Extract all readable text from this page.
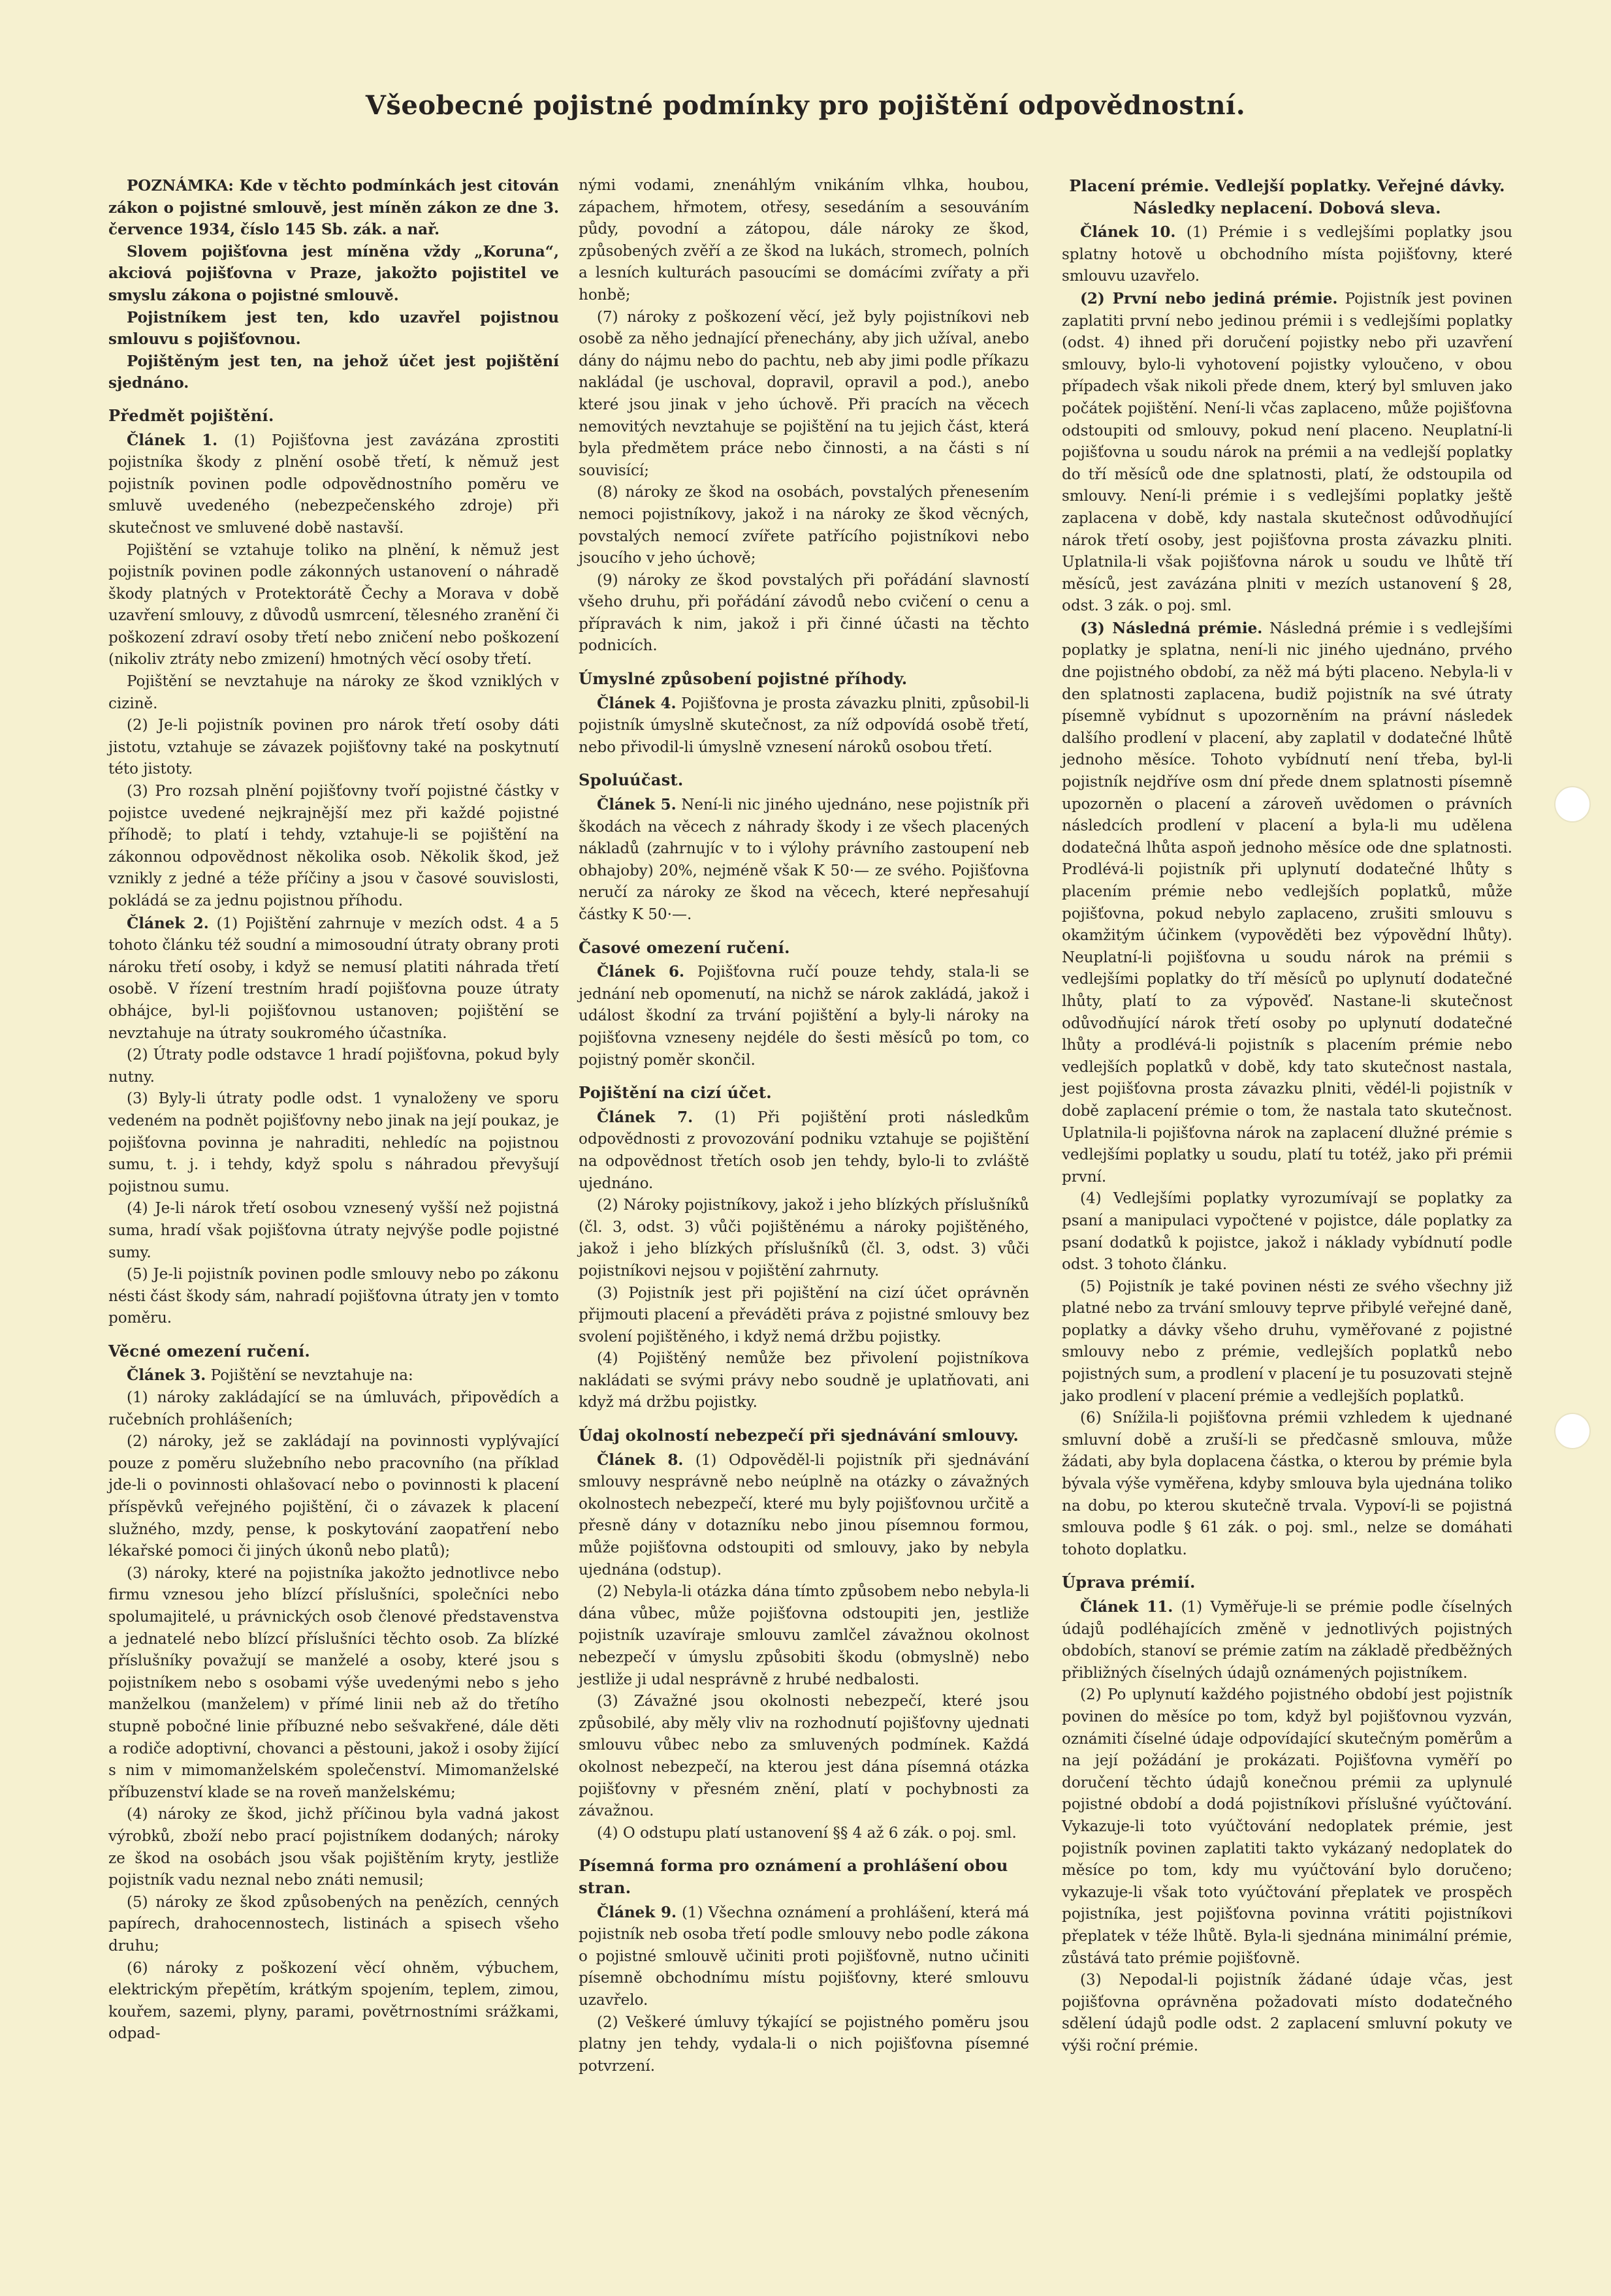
Všeobecné pojistné podmínky pro pojištění odpovědnostní.

POZNÁMKA: Kde v těchto podmínkách jest citován zákon o pojistné smlouvě, jest míněn zákon ze dne 3. července 1934, číslo 145 Sb. zák. a nař.

Slovem pojišťovna jest míněna vždy „Koruna“, akciová pojišťovna v Praze, jakožto pojistitel ve smyslu zákona o pojistné smlouvě.

Pojistníkem jest ten, kdo uzavřel pojistnou smlouvu s pojišťovnou.

Pojištěným jest ten, na jehož účet jest pojištění sjednáno.

Předmět pojištění.

Článek 1. (1) Pojišťovna jest zavázána zprostiti pojistníka škody z plnění osobě třetí, k němuž jest pojistník povinen podle odpovědnostního poměru ve smluvě uvedeného (nebezpečenského zdroje) při skutečnost ve smluvené době nastavší.

Pojištění se vztahuje toliko na plnění, k němuž jest pojistník povinen podle zákonných ustanovení o náhradě škody platných v Protektorátě Čechy a Morava v době uzavření smlouvy, z důvodů usmrcení, tělesného zranění či poškození zdraví osoby třetí nebo zničení nebo poškození (nikoliv ztráty nebo zmizení) hmotných věcí osoby třetí.

Pojištění se nevztahuje na nároky ze škod vzniklých v cizině.

(2) Je-li pojistník povinen pro nárok třetí osoby dáti jistotu, vztahuje se závazek pojišťovny také na poskytnutí této jistoty.

(3) Pro rozsah plnění pojišťovny tvoří pojistné částky v pojistce uvedené nejkrajnější mez při každé pojistné příhodě; to platí i tehdy, vztahuje-li se pojištění na zákonnou odpovědnost několika osob. Několik škod, jež vznikly z jedné a téže příčiny a jsou v časové souvislosti, pokládá se za jednu pojistnou příhodu.

Článek 2. (1) Pojištění zahrnuje v mezích odst. 4 a 5 tohoto článku též soudní a mimosoudní útraty obrany proti nároku třetí osoby, i když se nemusí platiti náhrada třetí osobě. V řízení trestním hradí pojišťovna pouze útraty obhájce, byl-li pojišťovnou ustanoven; pojištění se nevztahuje na útraty soukromého účastníka.

(2) Útraty podle odstavce 1 hradí pojišťovna, pokud byly nutny.

(3) Byly-li útraty podle odst. 1 vynaloženy ve sporu vedeném na podnět pojišťovny nebo jinak na její poukaz, je pojišťovna povinna je nahraditi, nehledíc na pojistnou sumu, t. j. i tehdy, když spolu s náhradou převyšují pojistnou sumu.

(4) Je-li nárok třetí osobou vznesený vyšší než pojistná suma, hradí však pojišťovna útraty nejvýše podle pojistné sumy.

(5) Je-li pojistník povinen podle smlouvy nebo po zákonu nésti část škody sám, nahradí pojišťovna útraty jen v tomto poměru.

Věcné omezení ručení.

Článek 3. Pojištění se nevztahuje na:

(1) nároky zakládající se na úmluvách, připovědích a ručebních prohlášeních;

(2) nároky, jež se zakládají na povinnosti vyplývající pouze z poměru služebního nebo pracovního (na příklad jde-li o povinnosti ohlašovací nebo o povinnosti k placení příspěvků veřejného pojištění, či o závazek k placení služného, mzdy, pense, k poskytování zaopatření nebo lékařské pomoci či jiných úkonů nebo platů);

(3) nároky, které na pojistníka jakožto jednotlivce nebo firmu vznesou jeho blízcí příslušníci, společníci nebo spolumajitelé, u právnických osob členové představenstva a jednatelé nebo blízcí příslušníci těchto osob. Za blízké příslušníky považují se manželé a osoby, které jsou s pojistníkem nebo s osobami výše uvedenými nebo s jeho manželkou (manželem) v přímé linii neb až do třetího stupně pobočné linie příbuzné nebo sešvakřené, dále děti a rodiče adoptivní, chovanci a pěstouni, jakož i osoby žijící s nim v mimomanželském společenství. Mimomanželské příbuzenství klade se na roveň manželskému;

(4) nároky ze škod, jichž příčinou byla vadná jakost výrobků, zboží nebo prací pojistníkem dodaných; nároky ze škod na osobách jsou však pojištěním kryty, jestliže pojistník vadu neznal nebo znáti nemusil;

(5) nároky ze škod způsobených na penězích, cenných papírech, drahocennostech, listinách a spisech všeho druhu;

(6) nároky z poškození věcí ohněm, výbuchem, elektrickým přepětím, krátkým spojením, teplem, zimou, kouřem, sazemi, plyny, parami, povětrnostními srážkami, odpad-

nými vodami, znenáhlým vnikáním vlhka, houbou, zápachem, hřmotem, otřesy, sesedáním a sesouváním půdy, povodní a zátopou, dále nároky ze škod, způsobených zvěří a ze škod na lukách, stromech, polních a lesních kulturách pasoucími se domácími zvířaty a při honbě;

(7) nároky z poškození věcí, jež byly pojistníkovi neb osobě za něho jednající přenechány, aby jich užíval, anebo dány do nájmu nebo do pachtu, neb aby jimi podle příkazu nakládal (je uschoval, dopravil, opravil a pod.), anebo které jsou jinak v jeho úchově. Při pracích na věcech nemovitých nevztahuje se pojištění na tu jejich část, která byla předmětem práce nebo činnosti, a na části s ní souvisící;

(8) nároky ze škod na osobách, povstalých přenesením nemoci pojistníkovy, jakož i na nároky ze škod věcných, povstalých nemocí zvířete patřícího pojistníkovi nebo jsoucího v jeho úchově;

(9) nároky ze škod povstalých při pořádání slavností všeho druhu, při pořádání závodů nebo cvičení o cenu a přípravách k nim, jakož i při činné účasti na těchto podnicích.

Úmyslné způsobení pojistné příhody.

Článek 4. Pojišťovna je prosta závazku plniti, způsobil-li pojistník úmyslně skutečnost, za níž odpovídá osobě třetí, nebo přivodil-li úmyslně vznesení nároků osobou třetí.

Spoluúčast.

Článek 5. Není-li nic jiného ujednáno, nese pojistník při škodách na věcech z náhrady škody i ze všech placených nákladů (zahrnujíc v to i výlohy právního zastoupení neb obhajoby) 20%, nejméně však K 50·— ze svého. Pojišťovna neručí za nároky ze škod na věcech, které nepřesahují částky K 50·—.

Časové omezení ručení.

Článek 6. Pojišťovna ručí pouze tehdy, stala-li se jednání neb opomenutí, na nichž se nárok zakládá, jakož i událost škodní za trvání pojištění a byly-li nároky na pojišťovna vzneseny nejdéle do šesti měsíců po tom, co pojistný poměr skončil.

Pojištění na cizí účet.

Článek 7. (1) Při pojištění proti následkům odpovědnosti z provozování podniku vztahuje se pojištění na odpovědnost třetích osob jen tehdy, bylo-li to zvláště ujednáno.

(2) Nároky pojistníkovy, jakož i jeho blízkých příslušníků (čl. 3, odst. 3) vůči pojištěnému a nároky pojištěného, jakož i jeho blízkých příslušníků (čl. 3, odst. 3) vůči pojistníkovi nejsou v pojištění zahrnuty.

(3) Pojistník jest při pojištění na cizí účet oprávněn přijmouti placení a převáděti práva z pojistné smlouvy bez svolení pojištěného, i když nemá držbu pojistky.

(4) Pojištěný nemůže bez přivolení pojistníkova nakládati se svými právy nebo soudně je uplatňovati, ani když má držbu pojistky.

Údaj okolností nebezpečí při sjednávání smlouvy.

Článek 8. (1) Odpověděl-li pojistník při sjednávání smlouvy nesprávně nebo neúplně na otázky o závažných okolnostech nebezpečí, které mu byly pojišťovnou určitě a přesně dány v dotazníku nebo jinou písemnou formou, může pojišťovna odstoupiti od smlouvy, jako by nebyla ujednána (odstup).

(2) Nebyla-li otázka dána tímto způsobem nebo nebyla-li dána vůbec, může pojišťovna odstoupiti jen, jestliže pojistník uzavíraje smlouvu zamlčel závažnou okolnost nebezpečí v úmyslu způsobiti škodu (obmyslně) nebo jestliže ji udal nesprávně z hrubé nedbalosti.

(3) Závažné jsou okolnosti nebezpečí, které jsou způsobilé, aby měly vliv na rozhodnutí pojišťovny ujednati smlouvu vůbec nebo za smluvených podmínek. Každá okolnost nebezpečí, na kterou jest dána písemná otázka pojišťovny v přesném znění, platí v pochybnosti za závažnou.

(4) O odstupu platí ustanovení §§ 4 až 6 zák. o poj. sml.

Písemná forma pro oznámení a prohlášení obou stran.

Článek 9. (1) Všechna oznámení a prohlášení, která má pojistník neb osoba třetí podle smlouvy nebo podle zákona o pojistné smlouvě učiniti proti pojišťovně, nutno učiniti písemně obchodnímu místu pojišťovny, které smlouvu uzavřelo.

(2) Veškeré úmluvy týkající se pojistného poměru jsou platny jen tehdy, vydala-li o nich pojišťovna písemné potvrzení.

Placení prémie. Vedlejší poplatky. Veřejné dávky. Následky neplacení. Dobová sleva.

Článek 10. (1) Prémie i s vedlejšími poplatky jsou splatny hotově u obchodního místa pojišťovny, které smlouvu uzavřelo.

(2) První nebo jediná prémie. Pojistník jest povinen zaplatiti první nebo jedinou prémii i s vedlejšími poplatky (odst. 4) ihned při doručení pojistky nebo při uzavření smlouvy, bylo-li vyhotovení pojistky vyloučeno, v obou případech však nikoli přede dnem, který byl smluven jako počátek pojištění. Není-li včas zaplaceno, může pojišťovna odstoupiti od smlouvy, pokud není placeno. Neuplatní-li pojišťovna u soudu nárok na prémii a na vedlejší poplatky do tří měsíců ode dne splatnosti, platí, že odstoupila od smlouvy. Není-li prémie i s vedlejšími poplatky ještě zaplacena v době, kdy nastala skutečnost odůvodňující nárok třetí osoby, jest pojišťovna prosta závazku plniti. Uplatnila-li však pojišťovna nárok u soudu ve lhůtě tří měsíců, jest zavázána plniti v mezích ustanovení § 28, odst. 3 zák. o poj. sml.

(3) Následná prémie. Následná prémie i s vedlejšími poplatky je splatna, není-li nic jiného ujednáno, prvého dne pojistného období, za něž má býti placeno. Nebyla-li v den splatnosti zaplacena, budiž pojistník na své útraty písemně vybídnut s upozorněním na právní následek dalšího prodlení v placení, aby zaplatil v dodatečné lhůtě jednoho měsíce. Tohoto vybídnutí není třeba, byl-li pojistník nejdříve osm dní přede dnem splatnosti písemně upozorněn o placení a zároveň uvědomen o právních následcích prodlení v placení a byla-li mu udělena dodatečná lhůta aspoň jednoho měsíce ode dne splatnosti. Prodlévá-li pojistník při uplynutí dodatečné lhůty s placením prémie nebo vedlejších poplatků, může pojišťovna, pokud nebylo zaplaceno, zrušiti smlouvu s okamžitým účinkem (vypověděti bez výpovědní lhůty). Neuplatní-li pojišťovna u soudu nárok na prémii s vedlejšími poplatky do tří měsíců po uplynutí dodatečné lhůty, platí to za výpověď. Nastane-li skutečnost odůvodňující nárok třetí osoby po uplynutí dodatečné lhůty a prodlévá-li pojistník s placením prémie nebo vedlejších poplatků v době, kdy tato skutečnost nastala, jest pojišťovna prosta závazku plniti, vědél-li pojistník v době zaplacení prémie o tom, že nastala tato skutečnost. Uplatnila-li pojišťovna nárok na zaplacení dlužné prémie s vedlejšími poplatky u soudu, platí tu totéž, jako při prémii první.

(4) Vedlejšími poplatky vyrozumívají se poplatky za psaní a manipulaci vypočtené v pojistce, dále poplatky za psaní dodatků k pojistce, jakož i náklady vybídnutí podle odst. 3 tohoto článku.

(5) Pojistník je také povinen nésti ze svého všechny již platné nebo za trvání smlouvy teprve přibylé veřejné daně, poplatky a dávky všeho druhu, vyměřované z pojistné smlouvy nebo z prémie, vedlejších poplatků nebo pojistných sum, a prodlení v placení je tu posuzovati stejně jako prodlení v placení prémie a vedlejších poplatků.

(6) Snížila-li pojišťovna prémii vzhledem k ujednané smluvní době a zruší-li se předčasně smlouva, může žádati, aby byla doplacena částka, o kterou by prémie byla bývala výše vyměřena, kdyby smlouva byla ujednána toliko na dobu, po kterou skutečně trvala. Vypoví-li se pojistná smlouva podle § 61 zák. o poj. sml., nelze se domáhati tohoto doplatku.

Úprava prémií.

Článek 11. (1) Vyměřuje-li se prémie podle číselných údajů podléhajících změně v jednotlivých pojistných obdobích, stanoví se prémie zatím na základě předběžných přibližných číselných údajů oznámených pojistníkem.

(2) Po uplynutí každého pojistného období jest pojistník povinen do měsíce po tom, když byl pojišťovnou vyzván, oznámiti číselné údaje odpovídající skutečným poměrům a na její požádání je prokázati. Pojišťovna vyměří po doručení těchto údajů konečnou prémii za uplynulé pojistné období a dodá pojistníkovi příslušné vyúčtování. Vykazuje-li toto vyúčtování nedoplatek prémie, jest pojistník povinen zaplatiti takto vykázaný nedoplatek do měsíce po tom, kdy mu vyúčtování bylo doručeno; vykazuje-li však toto vyúčtování přeplatek ve prospěch pojistníka, jest pojišťovna povinna vrátiti pojistníkovi přeplatek v téže lhůtě. Byla-li sjednána minimální prémie, zůstává tato prémie pojišťovně.

(3) Nepodal-li pojistník žádané údaje včas, jest pojišťovna oprávněna požadovati místo dodatečného sdělení údajů podle odst. 2 zaplacení smluvní pokuty ve výši roční prémie.
